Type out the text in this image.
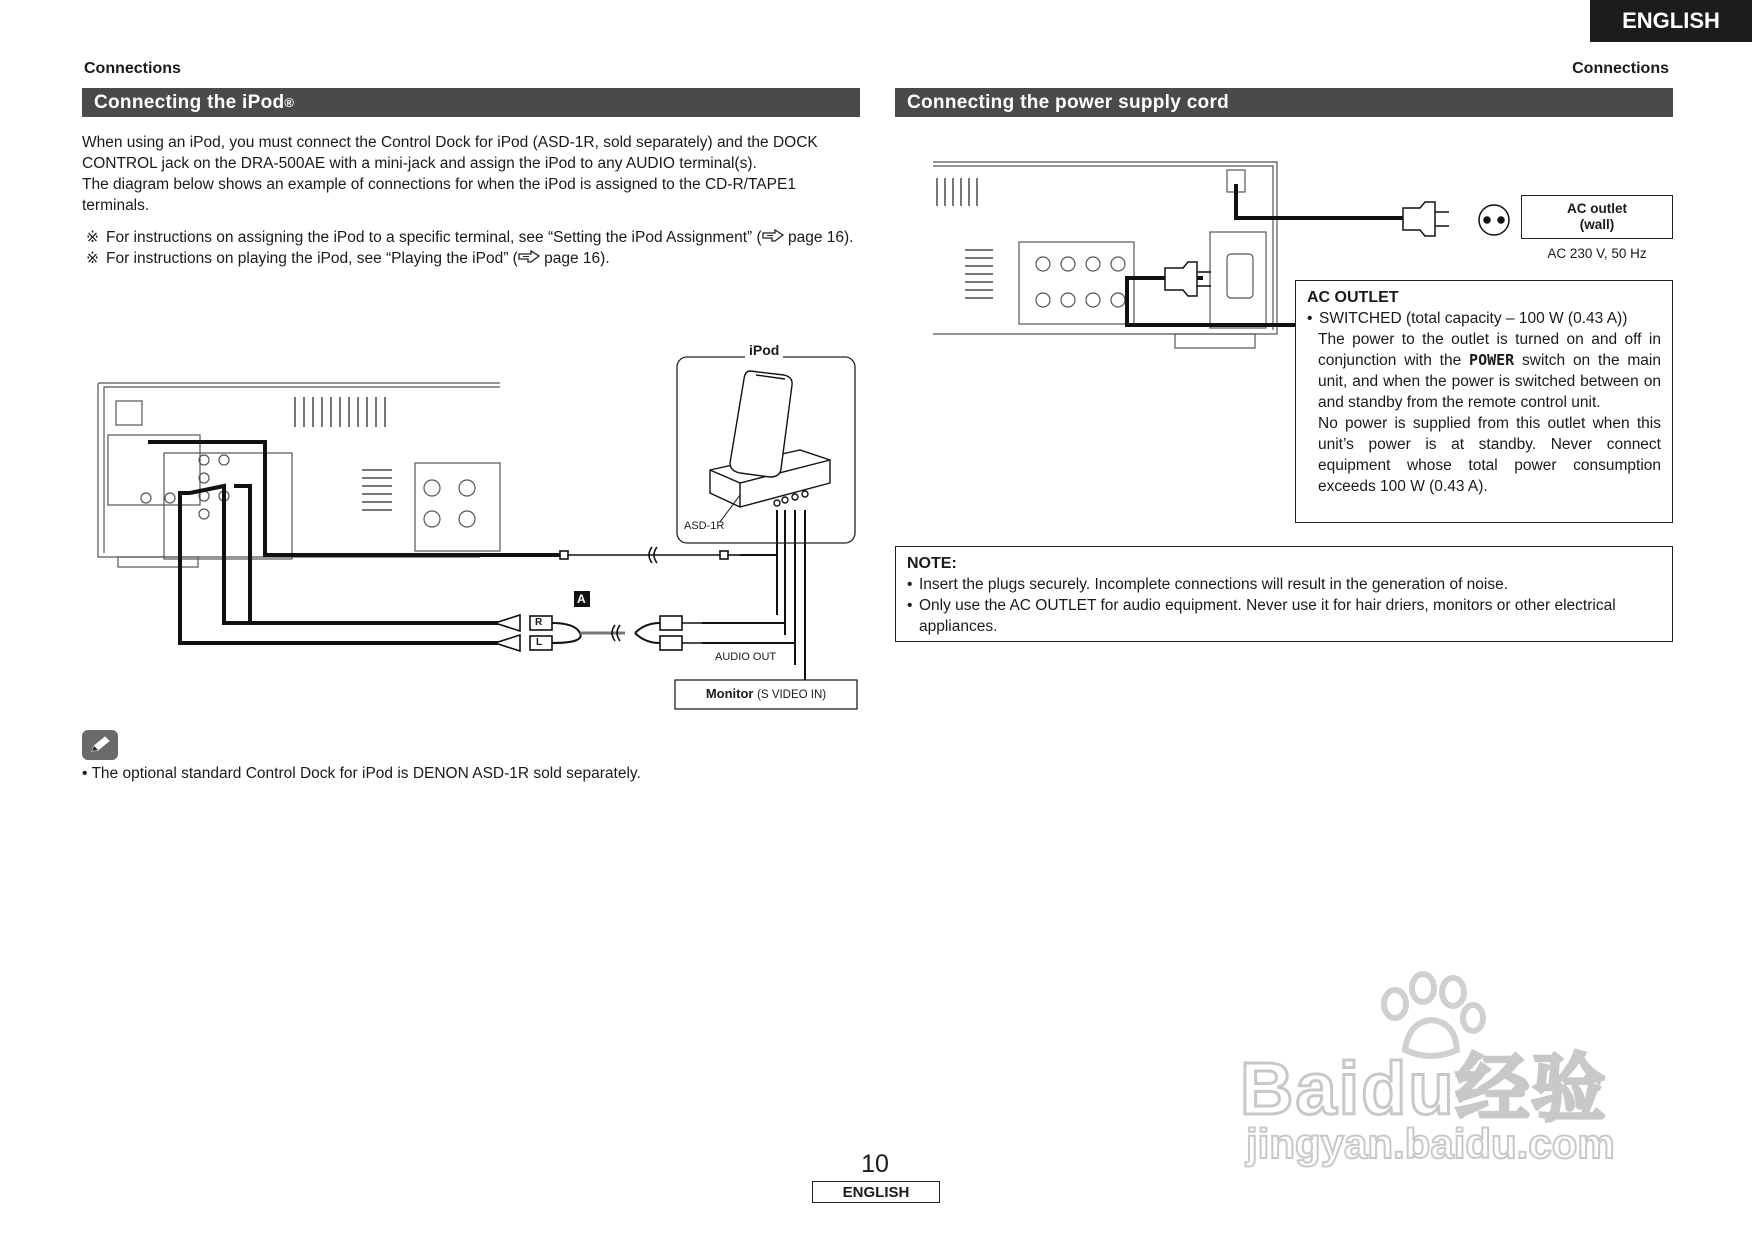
ENGLISH
Connections	Connections
Connecting the iPod ®

When using an iPod, you must connect the Control Dock for iPod (ASD-1R, sold separately) and the DOCK CONTROL jack on the DRA-500AE with a mini-jack and assign the iPod to any AUDIO terminal(s).

The diagram below shows an example of connections for when the iPod is assigned to the CD-R/TAPE1 terminals.

※ For instructions on assigning the iPod to a specific terminal, see “Setting the iPod Assignment” ( page 16).
※ For instructions on playing the iPod, see “Playing the iPod” ( page 16).
iPod
ASD-1R
A
AUDIO OUT
R
L
Monitor (S VIDEO IN)
• The optional standard Control Dock for iPod is DENON ASD-1R sold separately.
Connecting the power supply cord
AC outlet
(wall)
AC 230 V, 50 Hz
AC OUTLET
• SWITCHED (total capacity – 100 W (0.43 A))
The power to the outlet is turned on and off in conjunction with the POWER switch on the main unit, and when the power is switched between on and standby from the remote control unit.
No power is supplied from this outlet when this unit’s power is at standby. Never connect equipment whose total power consumption exceeds 100 W (0.43 A).
NOTE:
• Insert the plugs securely. Incomplete connections will result in the generation of noise.
• Only use the AC OUTLET for audio equipment. Never use it for hair driers, monitors or other electrical appliances.
10
ENGLISH
Baidu经验
jingyan.baidu.com
